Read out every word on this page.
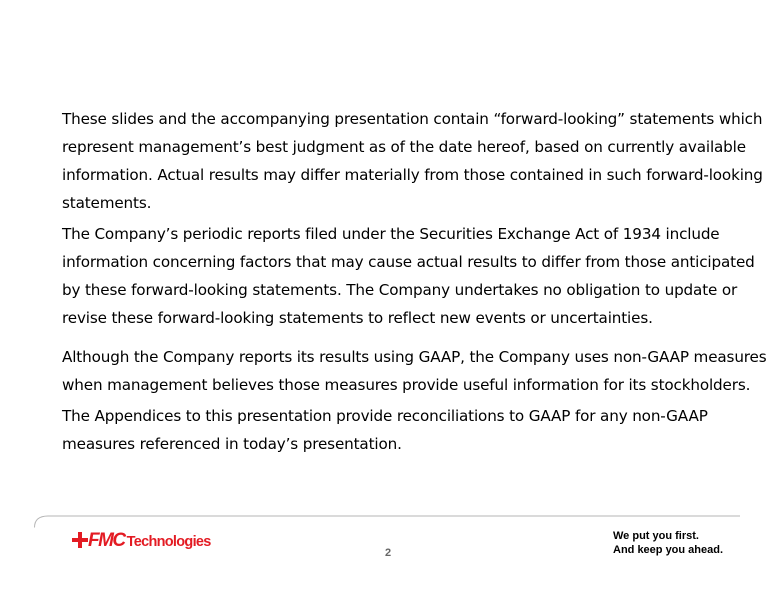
These slides and the accompanying presentation contain “forward-looking” statements which
represent management’s best judgment as of the date hereof, based on currently available
information. Actual results may differ materially from those contained in such forward-looking
statements.

The Company’s periodic reports filed under the Securities Exchange Act of 1934 include
information concerning factors that may cause actual results to differ from those anticipated
by these forward-looking statements. The Company undertakes no obligation to update or
revise these forward-looking statements to reflect new events or uncertainties.

Although the Company reports its results using GAAP, the Company uses non-GAAP measures
when management believes those measures provide useful information for its stockholders.

The Appendices to this presentation provide reconciliations to GAAP for any non-GAAP
measures referenced in today’s presentation.

FMC Technologies
2
We put you first.
And keep you ahead.
